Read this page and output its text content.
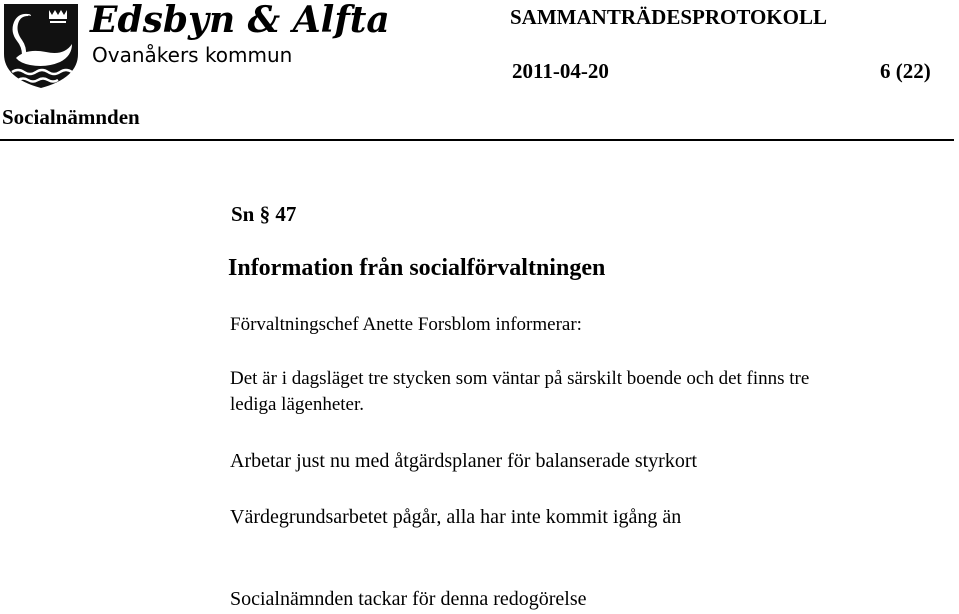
Edsbyn & Alfta
Ovanåkers kommun
SAMMANTRÄDESPROTOKOLL
2011-04-20	6 (22)
Socialnämnden
Sn § 47
Information från socialförvaltningen
Förvaltningschef Anette Forsblom informerar:
Det är i dagsläget tre stycken som väntar på särskilt boende och det finns tre
lediga lägenheter.
Arbetar just nu med åtgärdsplaner för balanserade styrkort
Värdegrundsarbetet pågår, alla har inte kommit igång än
Socialnämnden tackar för denna redogörelse
